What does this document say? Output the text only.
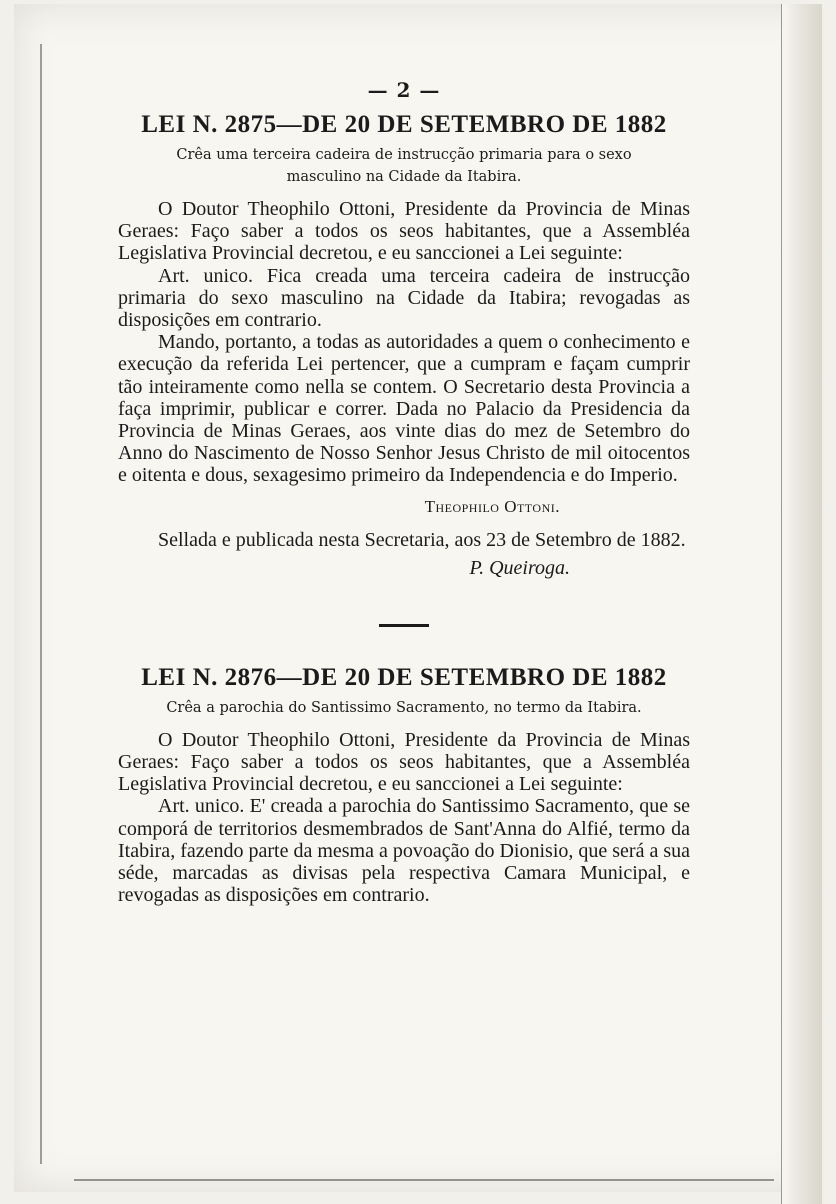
— 2 —
LEI N. 2875—DE 20 DE SETEMBRO DE 1882
Crêa uma terceira cadeira de instrucção primaria para o sexo
masculino na Cidade da Itabira.

O Doutor Theophilo Ottoni, Presidente da Provincia de Minas Geraes: Faço saber a todos os seos habitantes, que a Assembléa Legislativa Provincial decretou, e eu sanccionei a Lei seguinte:

Art. unico. Fica creada uma terceira cadeira de instrucção primaria do sexo masculino na Cidade da Itabira; revogadas as disposições em contrario.

Mando, portanto, a todas as autoridades a quem o conhecimento e execução da referida Lei pertencer, que a cumpram e façam cumprir tão inteiramente como nella se contem. O Secretario desta Provincia a faça imprimir, publicar e correr. Dada no Palacio da Presidencia da Provincia de Minas Geraes, aos vinte dias do mez de Setembro do Anno do Nascimento de Nosso Senhor Jesus Christo de mil oitocentos e oitenta e dous, sexagesimo primeiro da Independencia e do Imperio.

Theophilo Ottoni.

Sellada e publicada nesta Secretaria, aos 23 de Setembro de 1882.

P. Queiroga.
LEI N. 2876—DE 20 DE SETEMBRO DE 1882
Crêa a parochia do Santissimo Sacramento, no termo da Itabira.

O Doutor Theophilo Ottoni, Presidente da Provincia de Minas Geraes: Faço saber a todos os seos habitantes, que a Assembléa Legislativa Provincial decretou, e eu sanccionei a Lei seguinte:

Art. unico. E' creada a parochia do Santissimo Sacramento, que se comporá de territorios desmembrados de Sant'Anna do Alfié, termo da Itabira, fazendo parte da mesma a povoação do Dionisio, que será a sua séde, marcadas as divisas pela respectiva Camara Municipal, e revogadas as disposições em contrario.
